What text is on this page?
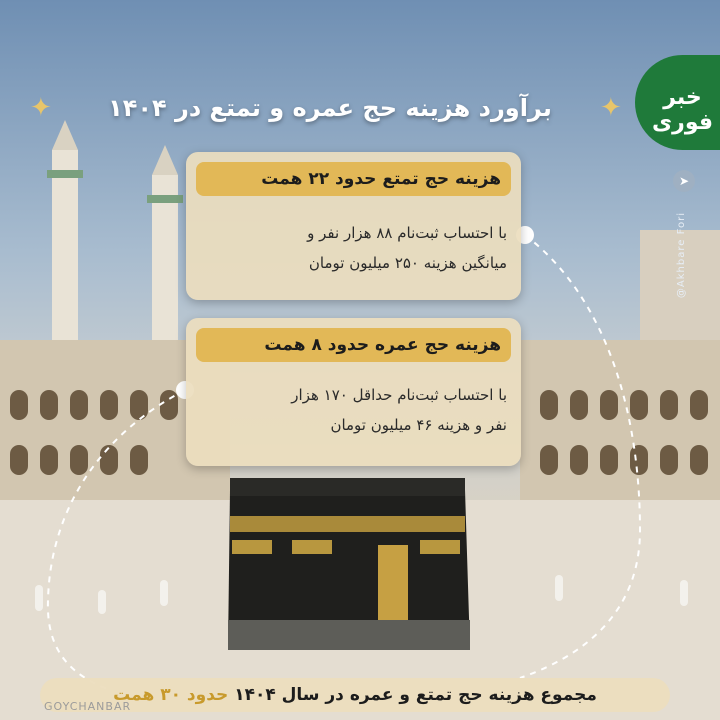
✦	✦
برآورد هزینه حج عمره و تمتع در ۱۴۰۴	خبر فوری
➤
@Akhbare Fori
هزینه حج تمتع حدود ۲۲ همت
با احتساب ثبت‌نام ۸۸ هزار نفر و
میانگین هزینه ۲۵۰ میلیون تومان
هزینه حج عمره حدود ۸ همت
با احتساب ثبت‌نام حداقل ۱۷۰ هزار
نفر و هزینه ۴۶ میلیون تومان
مجموع هزینه حج تمتع و عمره در سال ۱۴۰۴ حدود ۳۰ همت
GOYCHANBAR
